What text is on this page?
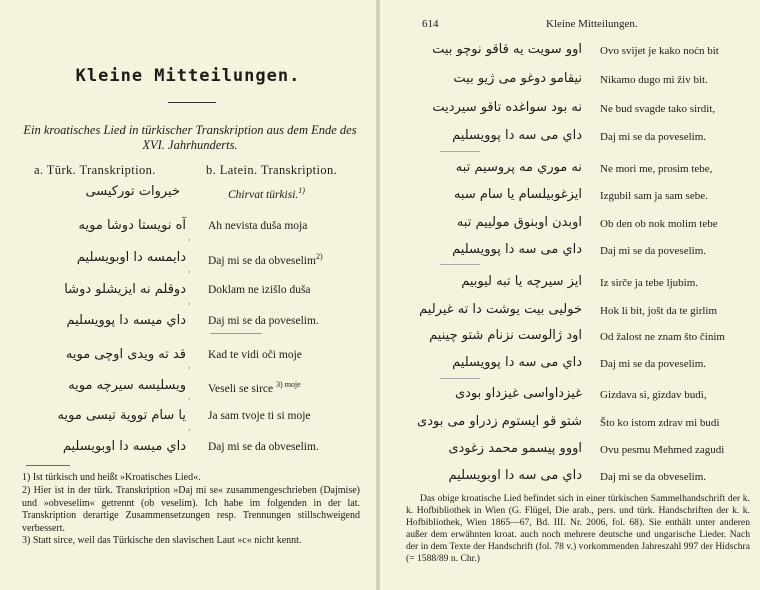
Kleine Mitteilungen.
Ein kroatisches Lied in türkischer Transkription aus dem Ende des XVI. Jahrhunderts.
a. Türk. Transkription.	b. Latein. Transkription.
خيروات توركيسى	Chirvat türkisi.$^{1)}$
آه نويستا دوشا مويه Ah nevista duša moja
·
دايمسه دا اوبويسليم Daj mi se da obveselim$^{2)}$
·
دوقلم نه ايزيشلو دوشا Doklam ne izišlo duša
·
داي ميسه دا پوويسليم Daj mi se da poveselim.
قد ته ويدى اوچى مويه Kad te vidi oči moje
·
ويسليسه سيرچه مويه Veseli se sirce $^{3) moje}$
·
يا سام تووية تيسى مويه Ja sam tvoje ti si moje
·
داي ميسه دا اوبويسليم Daj mi se da obveselim.
1) Ist türkisch und heißt »Kroatisches Lied«.
2) Hier ist in der türk. Transkription »Daj mi se« zusammengeschrieben (Dajmise) und »obveselim« getrennt (ob veselim). Ich habe im folgenden in der lat. Transkription derartige Zusammensetzungen resp. Trennungen stillschweigend verbessert.
3) Statt sirce, weil das Türkische den slavischen Laut »c« nicht kennt.
614	Kleine Mitteilungen.
اوو سويت يه قاقو نوچو بيت Ovo svijet je kako noćn bit
نيقامو دوغو مى ژيو بيت Nikamo dugo mi živ bit.
نه بود سواغده تاقو سيرديت Ne bud svagde tako sirdit,
داي مى سه دا پوويسليم Daj mi se da poveselim.
نه موري مه پروسيم تبه Ne mori me, prosim tebe,
ايزغوبيلسام يا سام سبه Izgubil sam ja sam sebe.
اوبدن اوبنوق مولييم تبه Ob den ob nok molim tebe
داي مى سه دا پوويسليم Daj mi se da poveselim.
ايز سيرچه يا تبه ليوبيم Iz sirče ja tebe ljubim.
خوليى بيت يوشت دا ته غيرليم Hok li bit, jošt da te girlim
اود ژالوست نزنام شتو چينيم Od žalost ne znam što činim
داي مى سه دا پوويسليم Daj mi se da poveselim.
غيزداواسى غيزداو بودى Gizdava si, gizdav budi,
شتو قو ايستوم زدراو مى بودى Što ko istom zdrav mi budi
اووو پيسمو محمد زغودى Ovu pesmu Mehmed zagudi
داي مى سه دا اوبويسليم Daj mi se da obveselim.
Das obige kroatische Lied befindet sich in einer türkischen Sammelhandschrift der k. k. Hofbibliothek in Wien (G. Flügel, Die arab., pers. und türk. Handschriften der k. k. Hofbibliothek, Wien 1865—67, Bd. III. Nr. 2006, fol. 68). Sie enthält unter anderen außer dem erwähnten kroat. auch noch mehrere deutsche und ungarische Lieder. Nach der in dem Texte der Handschrift (fol. 78 v.) vorkommenden Jahreszahl 997 der Hidschra (= 1588/89 n. Chr.)
